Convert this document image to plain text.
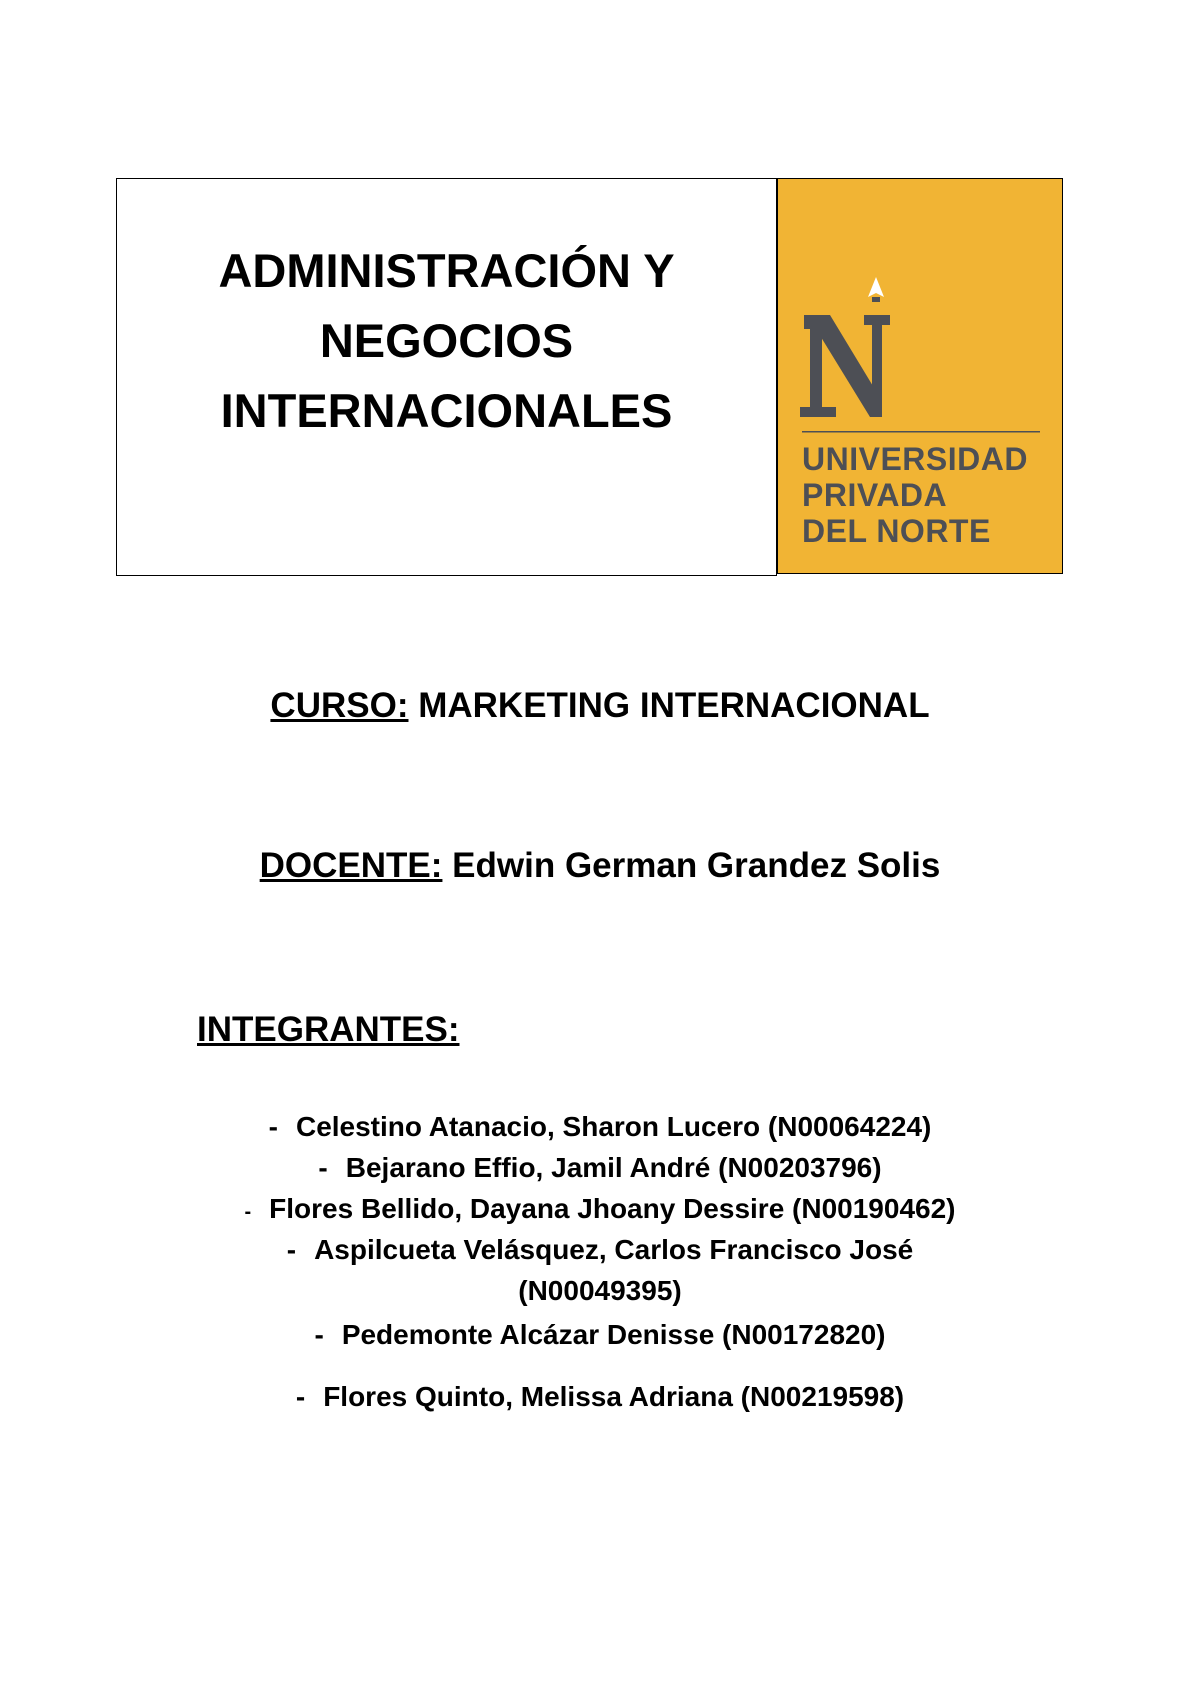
ADMINISTRACIÓN Y
NEGOCIOS
INTERNACIONALES
UNIVERSIDAD
PRIVADA
DEL NORTE
CURSO: MARKETING INTERNACIONAL
DOCENTE: Edwin German Grandez Solis
INTEGRANTES:
- Celestino Atanacio, Sharon Lucero (N00064224)
- Bejarano Effio, Jamil André (N00203796)
- Flores Bellido, Dayana Jhoany Dessire (N00190462)
- Aspilcueta Velásquez, Carlos Francisco José
(N00049395)
- Pedemonte Alcázar Denisse (N00172820)
- Flores Quinto, Melissa Adriana (N00219598)
